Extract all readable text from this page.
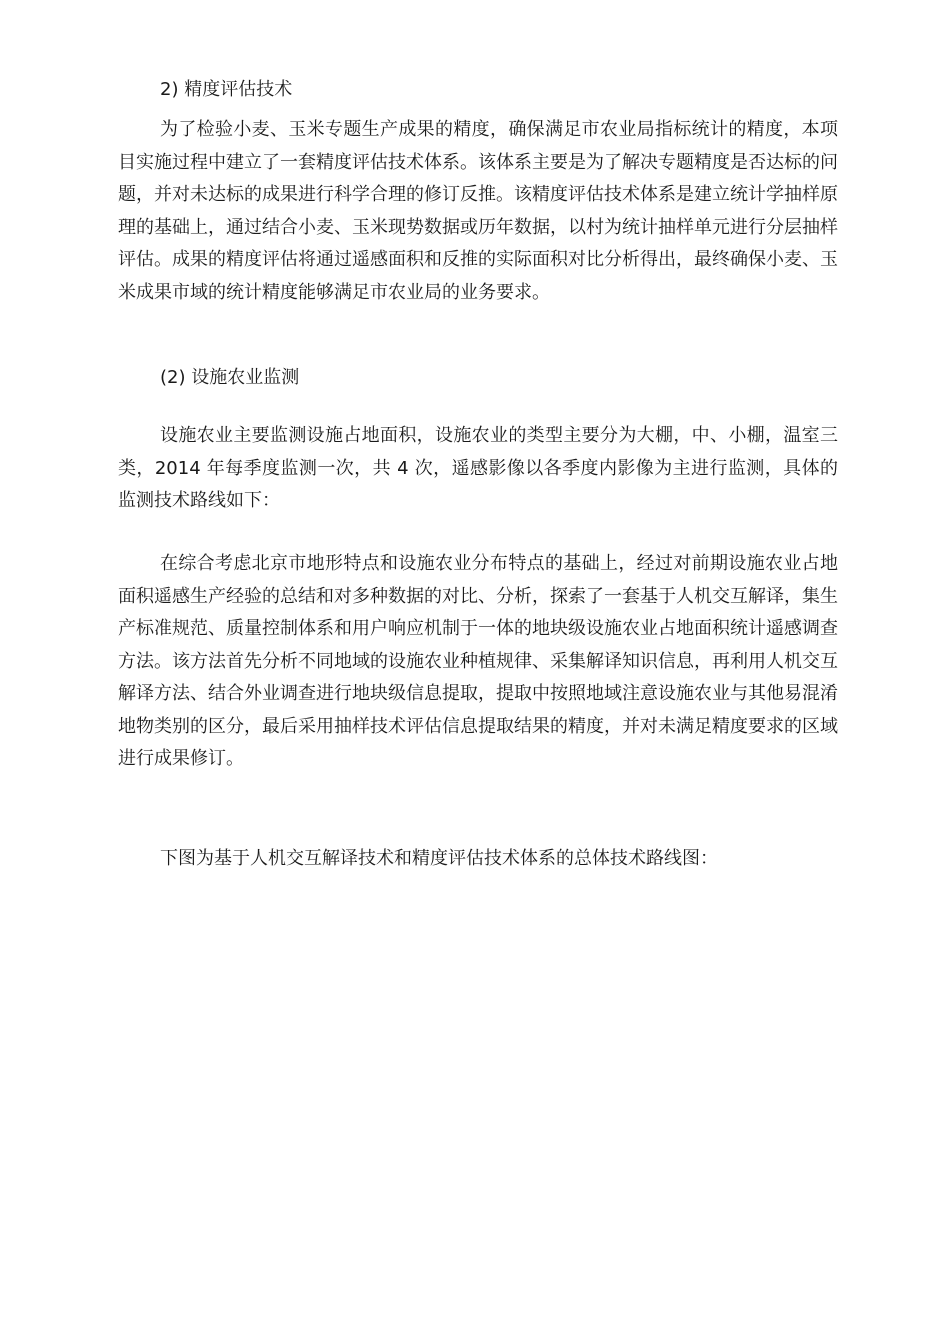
2) 精度评估技术

为了检验小麦、玉米专题生产成果的精度，确保满足市农业局指标统计的精度，本项目实施过程中建立了一套精度评估技术体系。该体系主要是为了解决专题精度是否达标的问题，并对未达标的成果进行科学合理的修订反推。该精度评估技术体系是建立统计学抽样原理的基础上，通过结合小麦、玉米现势数据或历年数据，以村为统计抽样单元进行分层抽样评估。成果的精度评估将通过遥感面积和反推的实际面积对比分析得出，最终确保小麦、玉米成果市域的统计精度能够满足市农业局的业务要求。

(2) 设施农业监测

设施农业主要监测设施占地面积，设施农业的类型主要分为大棚，中、小棚，温室三类，2014 年每季度监测一次，共 4 次，遥感影像以各季度内影像为主进行监测，具体的监测技术路线如下：

在综合考虑北京市地形特点和设施农业分布特点的基础上，经过对前期设施农业占地面积遥感生产经验的总结和对多种数据的对比、分析，探索了一套基于人机交互解译，集生产标准规范、质量控制体系和用户响应机制于一体的地块级设施农业占地面积统计遥感调查方法。该方法首先分析不同地域的设施农业种植规律、采集解译知识信息，再利用人机交互解译方法、结合外业调查进行地块级信息提取，提取中按照地域注意设施农业与其他易混淆地物类别的区分，最后采用抽样技术评估信息提取结果的精度，并对未满足精度要求的区域进行成果修订。

下图为基于人机交互解译技术和精度评估技术体系的总体技术路线图：
